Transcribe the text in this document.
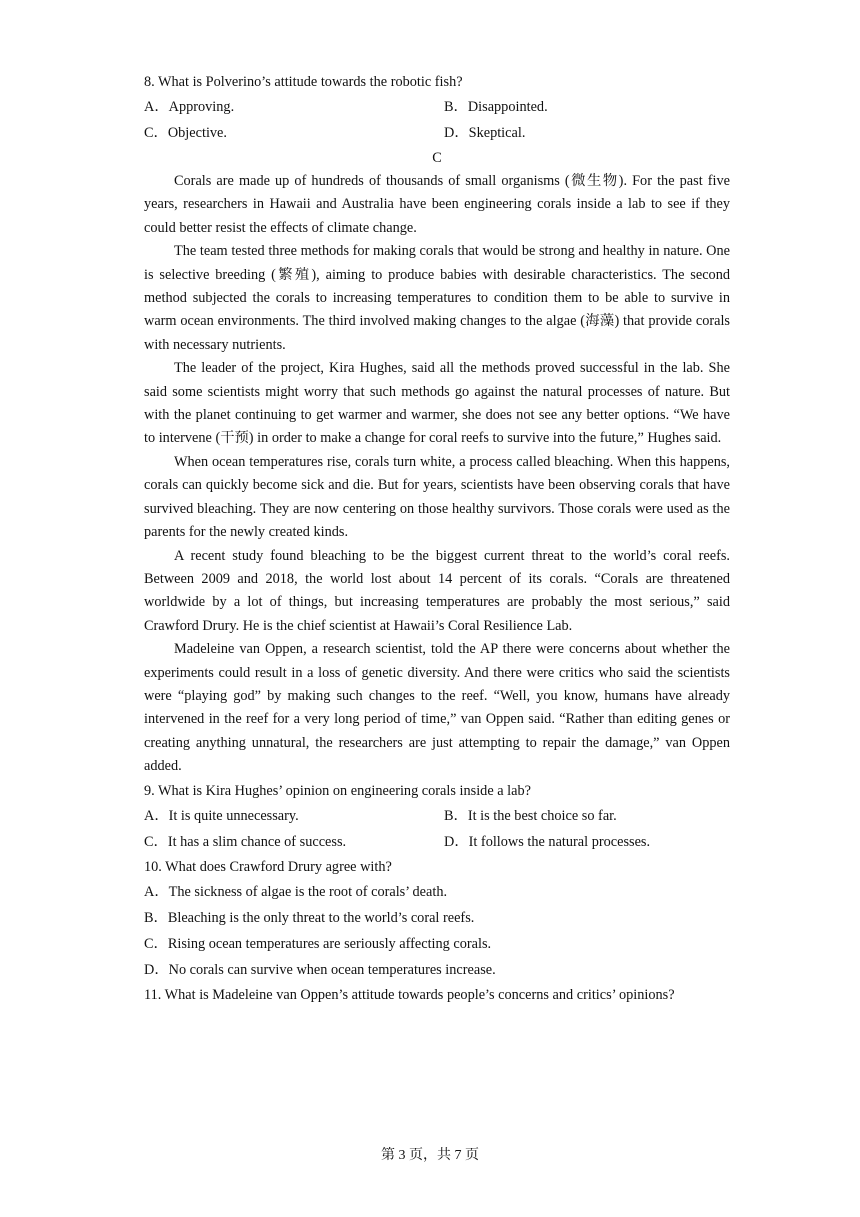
8. What is Polverino’s attitude towards the robotic fish?

A．Approving.	B．Disappointed.
C．Objective.	D．Skeptical.
C

Corals are made up of hundreds of thousands of small organisms (微生物). For the past five years, researchers in Hawaii and Australia have been engineering corals inside a lab to see if they could better resist the effects of climate change.

The team tested three methods for making corals that would be strong and healthy in nature. One is selective breeding (繁殖), aiming to produce babies with desirable characteristics. The second method subjected the corals to increasing temperatures to condition them to be able to survive in warm ocean environments. The third involved making changes to the algae (海藻) that provide corals with necessary nutrients.

The leader of the project, Kira Hughes, said all the methods proved successful in the lab. She said some scientists might worry that such methods go against the natural processes of nature. But with the planet continuing to get warmer and warmer, she does not see any better options. “We have to intervene (干预) in order to make a change for coral reefs to survive into the future,” Hughes said.

When ocean temperatures rise, corals turn white, a process called bleaching. When this happens, corals can quickly become sick and die. But for years, scientists have been observing corals that have survived bleaching. They are now centering on those healthy survivors. Those corals were used as the parents for the newly created kinds.

A recent study found bleaching to be the biggest current threat to the world’s coral reefs. Between 2009 and 2018, the world lost about 14 percent of its corals. “Corals are threatened worldwide by a lot of things, but increasing temperatures are probably the most serious,” said Crawford Drury. He is the chief scientist at Hawaii’s Coral Resilience Lab.

Madeleine van Oppen, a research scientist, told the AP there were concerns about whether the experiments could result in a loss of genetic diversity. And there were critics who said the scientists were “playing god” by making such changes to the reef. “Well, you know, humans have already intervened in the reef for a very long period of time,” van Oppen said. “Rather than editing genes or creating anything unnatural, the researchers are just attempting to repair the damage,” van Oppen added.

9. What is Kira Hughes’ opinion on engineering corals inside a lab?

A．It is quite unnecessary.	B．It is the best choice so far.
C．It has a slim chance of success.	D．It follows the natural processes.

10. What does Crawford Drury agree with?

A．The sickness of algae is the root of corals’ death.
B．Bleaching is the only threat to the world’s coral reefs.
C．Rising ocean temperatures are seriously affecting corals.
D．No corals can survive when ocean temperatures increase.

11. What is Madeleine van Oppen’s attitude towards people’s concerns and critics’ opinions?

第 3 页，共 7 页
